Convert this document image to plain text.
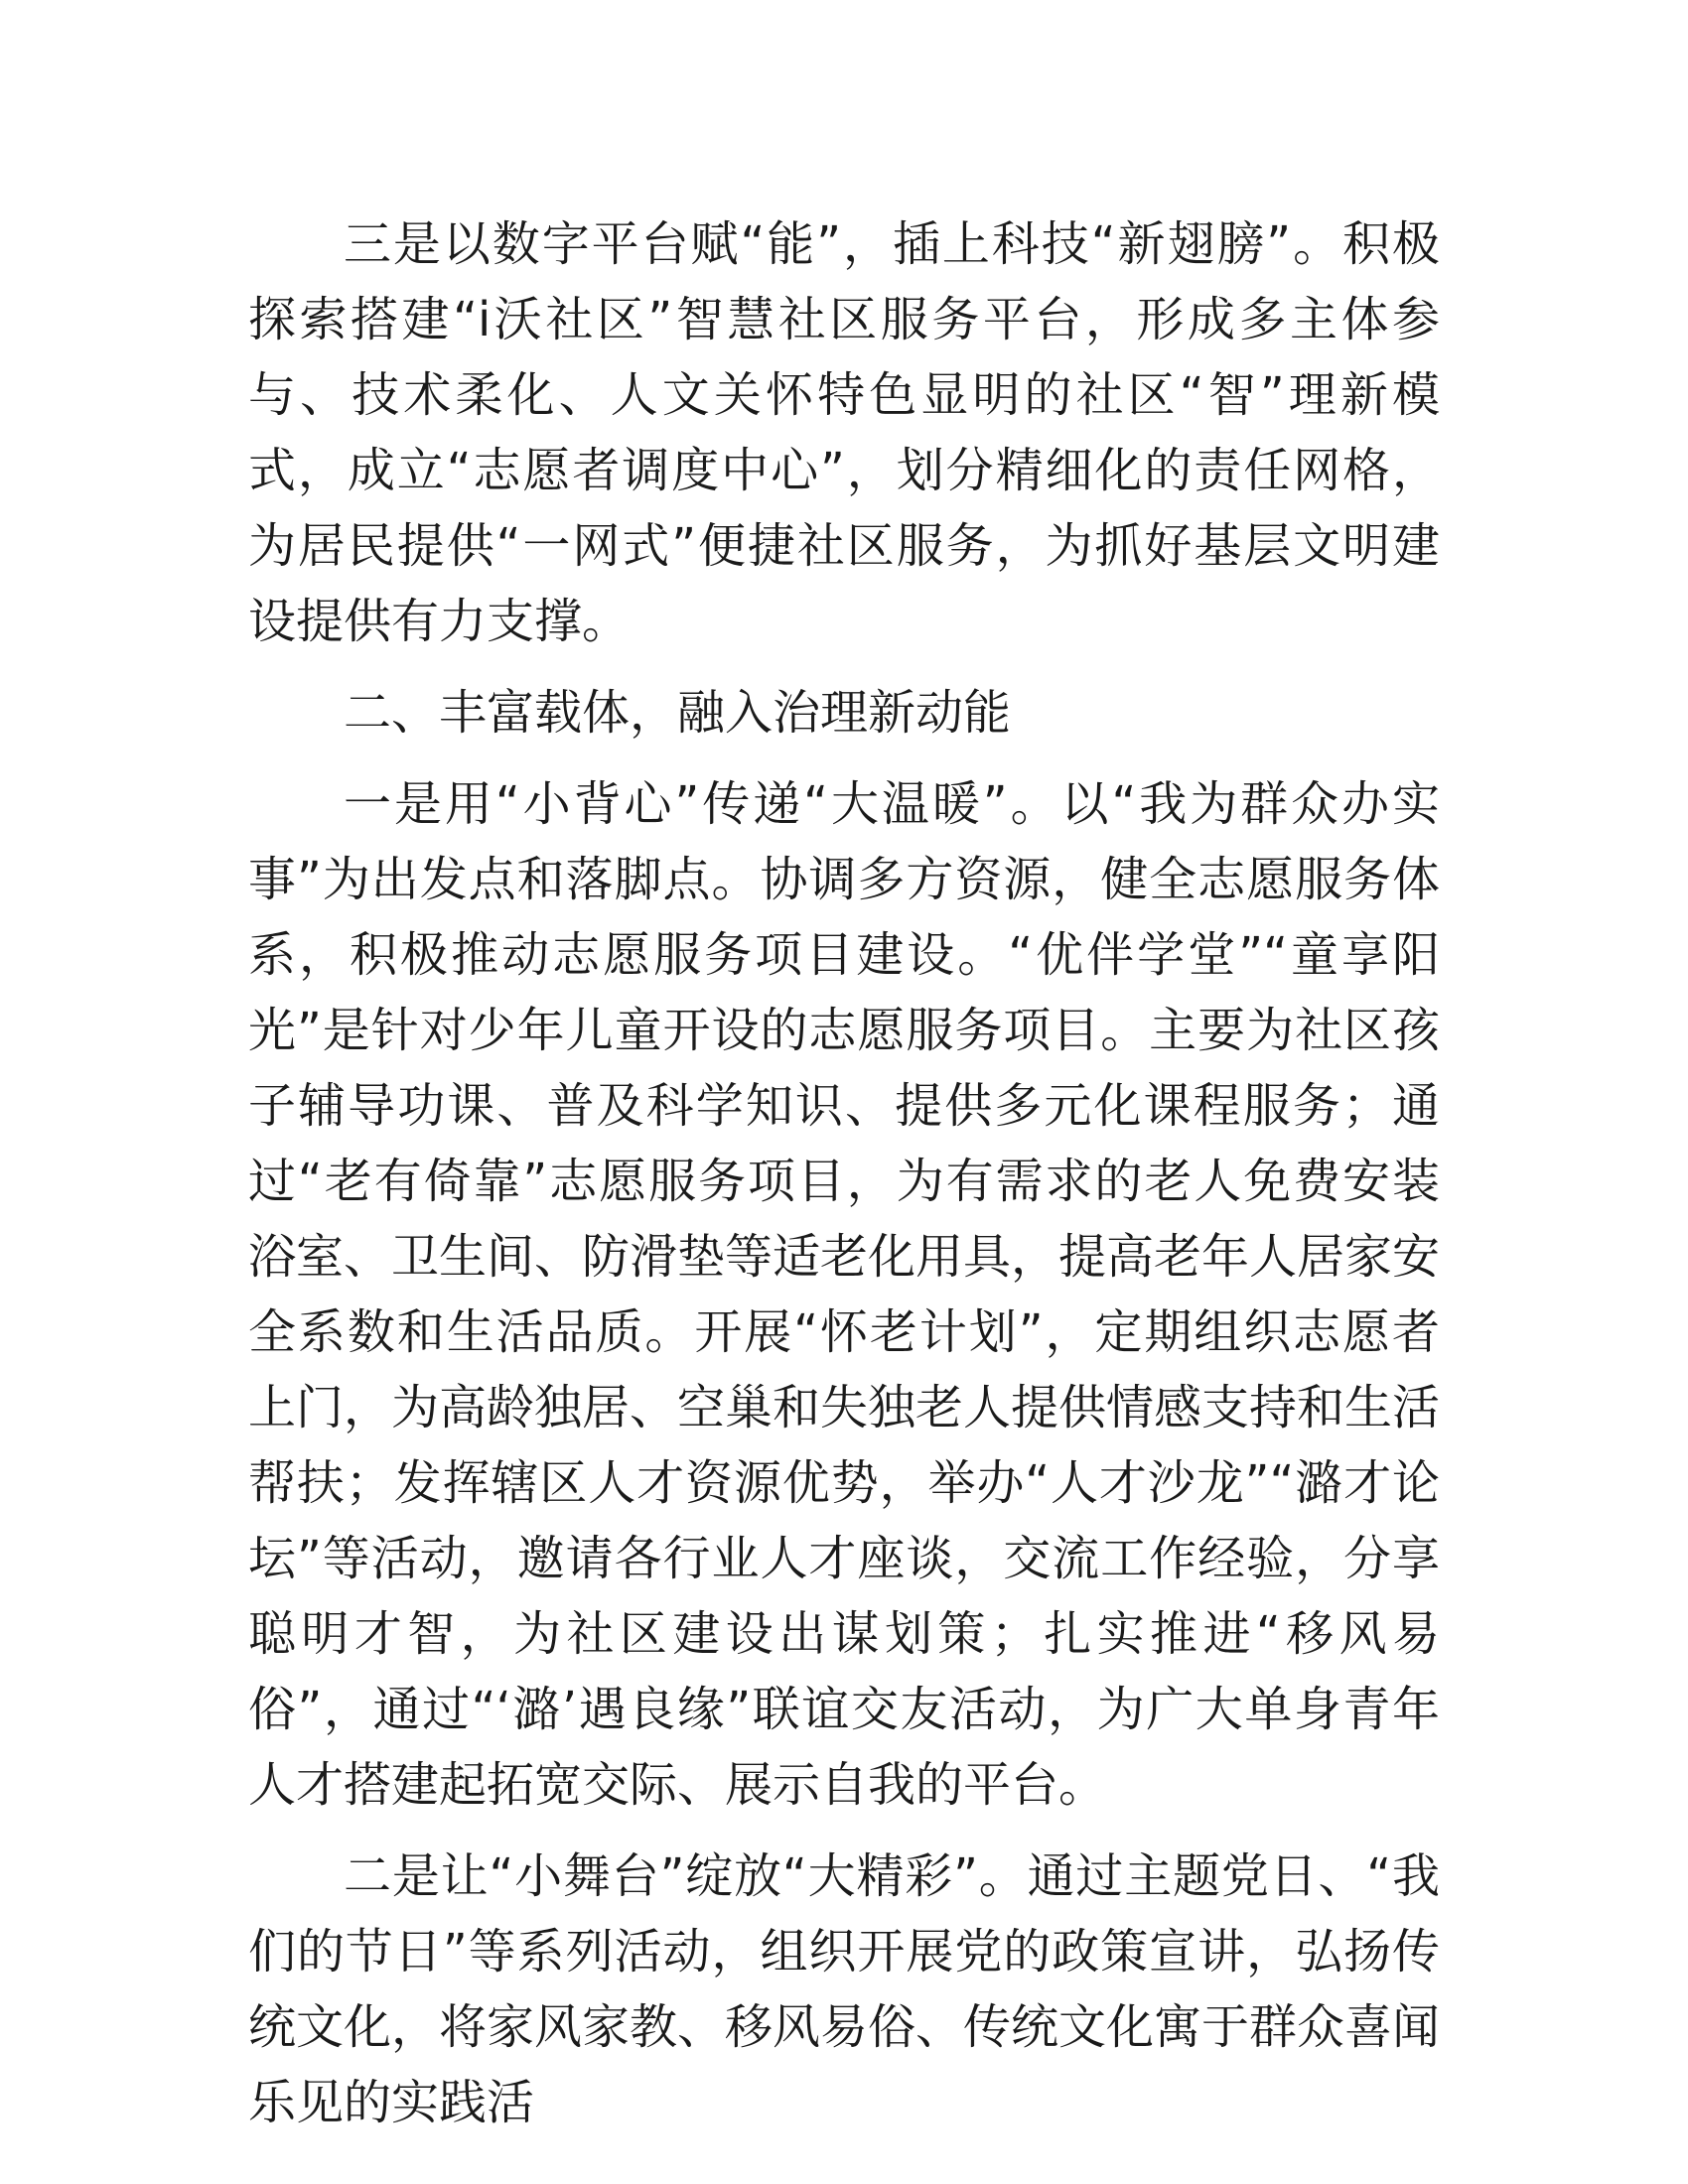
三是以数字平台赋“能”，插上科技“新翅膀”。积极探索搭建“i沃社区”智慧社区服务平台，形成多主体参与、技术柔化、人文关怀特色显明的社区“智”理新模式，成立“志愿者调度中心”，划分精细化的责任网格，为居民提供“一网式”便捷社区服务，为抓好基层文明建设提供有力支撑。

二、丰富载体，融入治理新动能

一是用“小背心”传递“大温暖”。以“我为群众办实事”为出发点和落脚点。协调多方资源，健全志愿服务体系，积极推动志愿服务项目建设。“优伴学堂”“童享阳光”是针对少年儿童开设的志愿服务项目。主要为社区孩子辅导功课、普及科学知识、提供多元化课程服务；通过“老有倚靠”志愿服务项目，为有需求的老人免费安装浴室、卫生间、防滑垫等适老化用具，提高老年人居家安全系数和生活品质。开展“怀老计划”，定期组织志愿者上门，为高龄独居、空巢和失独老人提供情感支持和生活帮扶；发挥辖区人才资源优势，举办“人才沙龙”“潞才论坛”等活动，邀请各行业人才座谈，交流工作经验，分享聪明才智，为社区建设出谋划策；扎实推进“移风易俗”，通过“‘潞’遇良缘”联谊交友活动，为广大单身青年人才搭建起拓宽交际、展示自我的平台。

二是让“小舞台”绽放“大精彩”。通过主题党日、“我们的节日”等系列活动，组织开展党的政策宣讲，弘扬传统文化，将家风家教、移风易俗、传统文化寓于群众喜闻乐见的实践活
